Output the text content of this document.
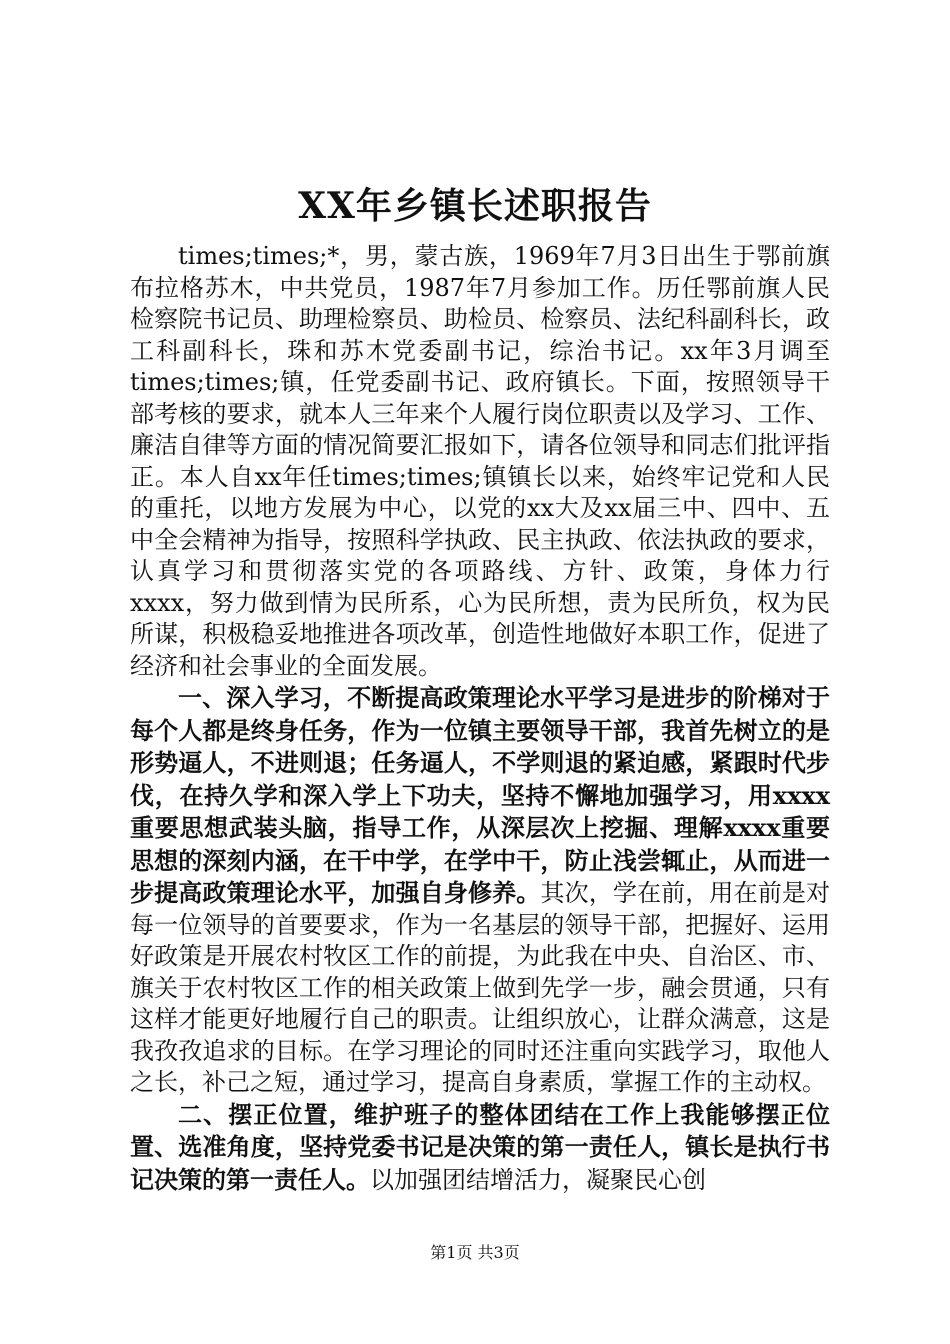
XX年乡镇长述职报告

times;times;*，男，蒙古族，1969年7月3日出生于鄂前旗布拉格苏木，中共党员，1987年7月参加工作。历任鄂前旗人民检察院书记员、助理检察员、助检员、检察员、法纪科副科长，政工科副科长，珠和苏木党委副书记，综治书记。xx年3月调至times;times;镇，任党委副书记、政府镇长。下面，按照领导干部考核的要求，就本人三年来个人履行岗位职责以及学习、工作、廉洁自律等方面的情况简要汇报如下，请各位领导和同志们批评指正。本人自xx年任times;times;镇镇长以来，始终牢记党和人民的重托，以地方发展为中心，以党的xx大及xx届三中、四中、五中全会精神为指导，按照科学执政、民主执政、依法执政的要求，认真学习和贯彻落实党的各项路线、方针、政策，身体力行xxxx，努力做到情为民所系，心为民所想，责为民所负，权为民所谋，积极稳妥地推进各项改革，创造性地做好本职工作，促进了经济和社会事业的全面发展。

一、深入学习，不断提高政策理论水平学习是进步的阶梯对于每个人都是终身任务，作为一位镇主要领导干部，我首先树立的是形势逼人，不进则退；任务逼人，不学则退的紧迫感，紧跟时代步伐，在持久学和深入学上下功夫，坚持不懈地加强学习，用xxxx重要思想武装头脑，指导工作，从深层次上挖掘、理解xxxx重要思想的深刻内涵，在干中学，在学中干，防止浅尝辄止，从而进一步提高政策理论水平，加强自身修养。其次，学在前，用在前是对每一位领导的首要要求，作为一名基层的领导干部，把握好、运用好政策是开展农村牧区工作的前提，为此我在中央、自治区、市、旗关于农村牧区工作的相关政策上做到先学一步，融会贯通，只有这样才能更好地履行自己的职责。让组织放心，让群众满意，这是我孜孜追求的目标。在学习理论的同时还注重向实践学习，取他人之长，补己之短，通过学习，提高自身素质，掌握工作的主动权。

二、摆正位置，维护班子的整体团结在工作上我能够摆正位置、选准角度，坚持党委书记是决策的第一责任人，镇长是执行书记决策的第一责任人。以加强团结增活力，凝聚民心创

第1页 共3页
